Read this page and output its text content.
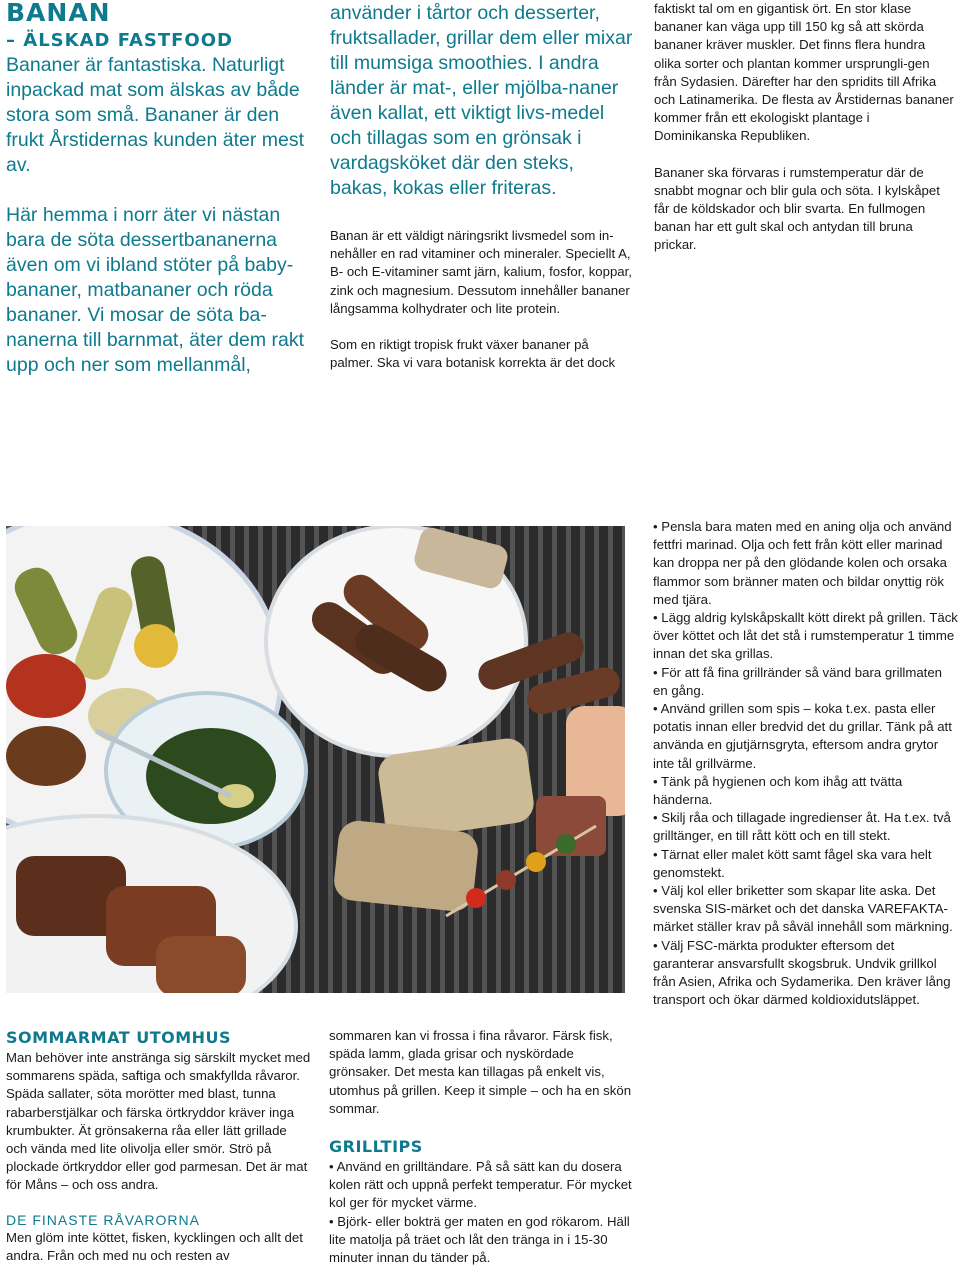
BANAN
– ÄLSKAD FASTFOOD

Bananer är fantastiska. Naturligt inpackad mat som älskas av både stora som små. Bananer är den frukt Årstidernas kunden äter mest av.

Här hemma i norr äter vi nästan bara de söta dessertbananerna även om vi ibland stöter på baby-bananer, matbananer och röda bananer. Vi mosar de söta ba-nanerna till barnmat, äter dem rakt upp och ner som mellanmål,

använder i tårtor och desserter, fruktsallader, grillar dem eller mixar till mumsiga smoothies. I andra länder är mat-, eller mjölba-naner även kallat, ett viktigt livs-medel och tillagas som en grönsak i vardagsköket där den steks, bakas, kokas eller friteras.

Banan är ett väldigt näringsrikt livsmedel som in-nehåller en rad vitaminer och mineraler. Speciellt A, B- och E-vitaminer samt järn, kalium, fosfor, koppar, zink och magnesium. Dessutom innehåller bananer långsamma kolhydrater och lite protein.

Som en riktigt tropisk frukt växer bananer på palmer. Ska vi vara botanisk korrekta är det dock

faktiskt tal om en gigantisk ört. En stor klase bananer kan väga upp till 150 kg så att skörda bananer kräver muskler. Det finns flera hundra olika sorter och plantan kommer ursprungli-gen från Sydasien. Därefter har den spridits till Afrika och Latinamerika. De flesta av Årstidernas bananer kommer från ett ekologiskt plantage i Dominikanska Republiken.

Bananer ska förvaras i rumstemperatur där de snabbt mognar och blir gula och söta. I kylskåpet får de köldskador och blir svarta. En fullmogen banan har ett gult skal och antydan till bruna prickar.

• Pensla bara maten med en aning olja och använd fettfri marinad. Olja och fett från kött eller marinad kan droppa ner på den glödande kolen och orsaka flammor som bränner maten och bildar onyttig rök med tjära.
• Lägg aldrig kylskåpskallt kött direkt på grillen. Täck över köttet och låt det stå i rumstemperatur 1 timme innan det ska grillas.
• För att få fina grillränder så vänd bara grillmaten en gång.
• Använd grillen som spis – koka t.ex. pasta eller potatis innan eller bredvid det du grillar. Tänk på att använda en gjutjärnsgryta, eftersom andra grytor inte tål grillvärme.
• Tänk på hygienen och kom ihåg att tvätta händerna.
• Skilj råa och tillagade ingredienser åt. Ha t.ex. två grilltänger, en till rått kött och en till stekt.
• Tärnat eller malet kött samt fågel ska vara helt genomstekt.
• Välj kol eller briketter som skapar lite aska. Det svenska SIS-märket och det danska VAREFAKTA-märket ställer krav på såväl innehåll som märkning.
• Välj FSC-märkta produkter eftersom det garanterar ansvarsfullt skogsbruk. Undvik grillkol från Asien, Afrika och Sydamerika. Den kräver lång transport och ökar därmed koldioxidutsläppet.
SOMMARMAT UTOMHUS

Man behöver inte anstränga sig särskilt mycket med sommarens späda, saftiga och smakfyllda råvaror. Späda sallater, söta morötter med blast, tunna rabarberstjälkar och färska örtkryddor kräver inga krumbukter. Ät grönsakerna råa eller lätt grillade och vända med lite olivolja eller smör. Strö på plockade örtkryddor eller god parmesan. Det är mat för Måns – och oss andra.

DE FINASTE RÅVARORNA

Men glöm inte köttet, fisken, kycklingen och allt det andra. Från och med nu och resten av

sommaren kan vi frossa i fina råvaror. Färsk fisk, späda lamm, glada grisar och nyskördade grönsaker. Det mesta kan tillagas på enkelt vis, utomhus på grillen. Keep it simple – och ha en skön sommar.

GRILLTIPS
• Använd en grilltändare. På så sätt kan du dosera kolen rätt och uppnå perfekt temperatur. För mycket kol ger för mycket värme.
• Björk- eller bokträ ger maten en god rökarom. Häll lite matolja på träet och låt den tränga in i 15-30 minuter innan du tänder på.
